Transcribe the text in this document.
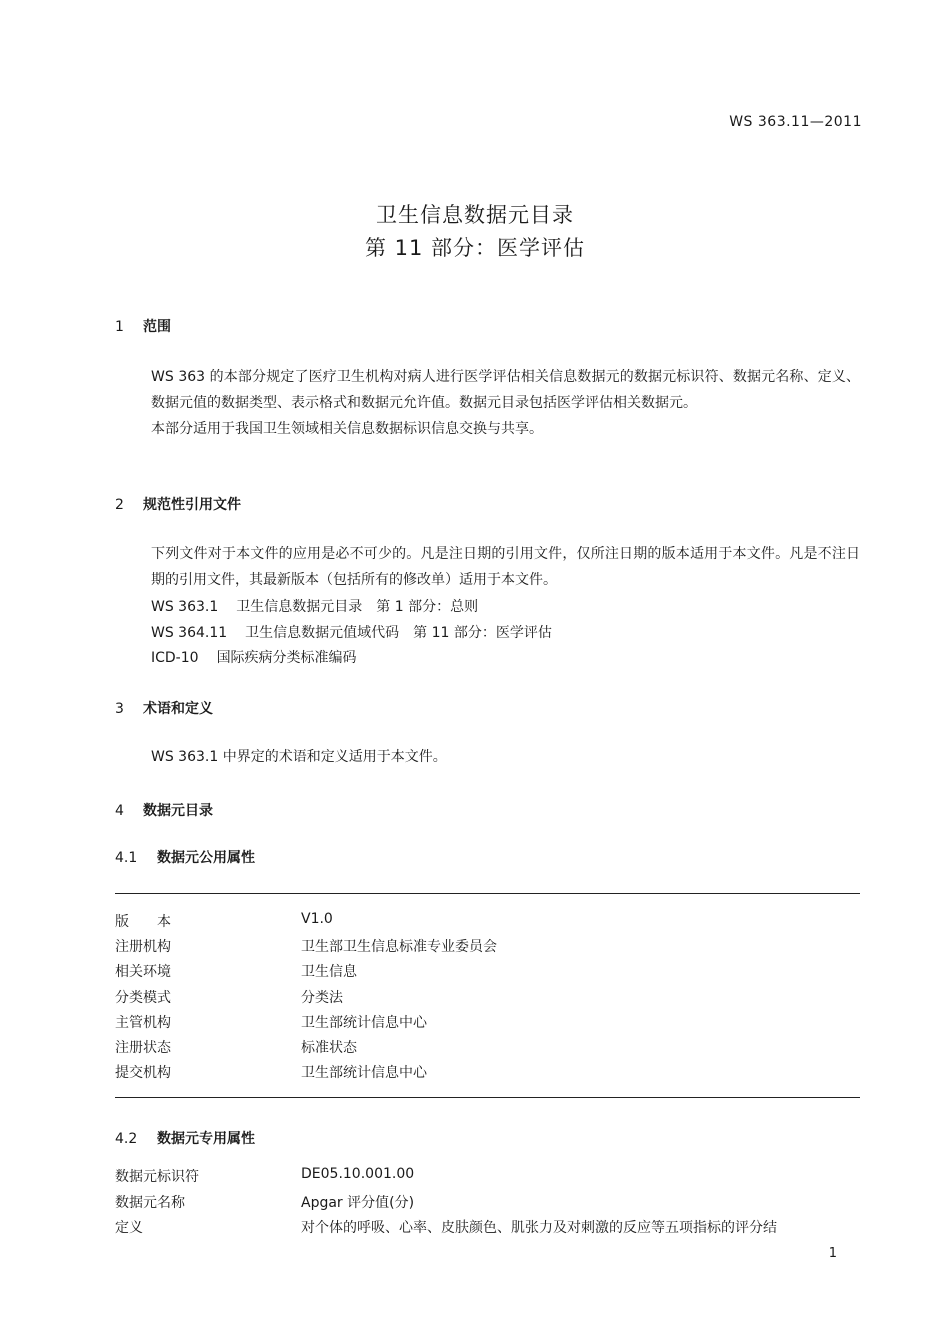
WS 363.11—2011
卫生信息数据元目录
第 11 部分：医学评估
1 范围
WS 363 的本部分规定了医疗卫生机构对病人进行医学评估相关信息数据元的数据元标识符、数据元名称、定义、数据元值的数据类型、表示格式和数据元允许值。数据元目录包括医学评估相关数据元。
本部分适用于我国卫生领域相关信息数据标识信息交换与共享。
2 规范性引用文件
下列文件对于本文件的应用是必不可少的。凡是注日期的引用文件，仅所注日期的版本适用于本文件。凡是不注日期的引用文件，其最新版本（包括所有的修改单）适用于本文件。
WS 363.1 卫生信息数据元目录　第 1 部分：总则
WS 364.11 卫生信息数据元值域代码　第 11 部分：医学评估
ICD-10 国际疾病分类标准编码
3 术语和定义
WS 363.1 中界定的术语和定义适用于本文件。
4 数据元目录
4.1 数据元公用属性
版　　本	V1.0
注册机构	卫生部卫生信息标准专业委员会
相关环境	卫生信息
分类模式	分类法
主管机构	卫生部统计信息中心
注册状态	标准状态
提交机构	卫生部统计信息中心
4.2 数据元专用属性
数据元标识符	DE05.10.001.00
数据元名称	Apgar 评分值(分)
定义	对个体的呼吸、心率、皮肤颜色、肌张力及对刺激的反应等五项指标的评分结
1
